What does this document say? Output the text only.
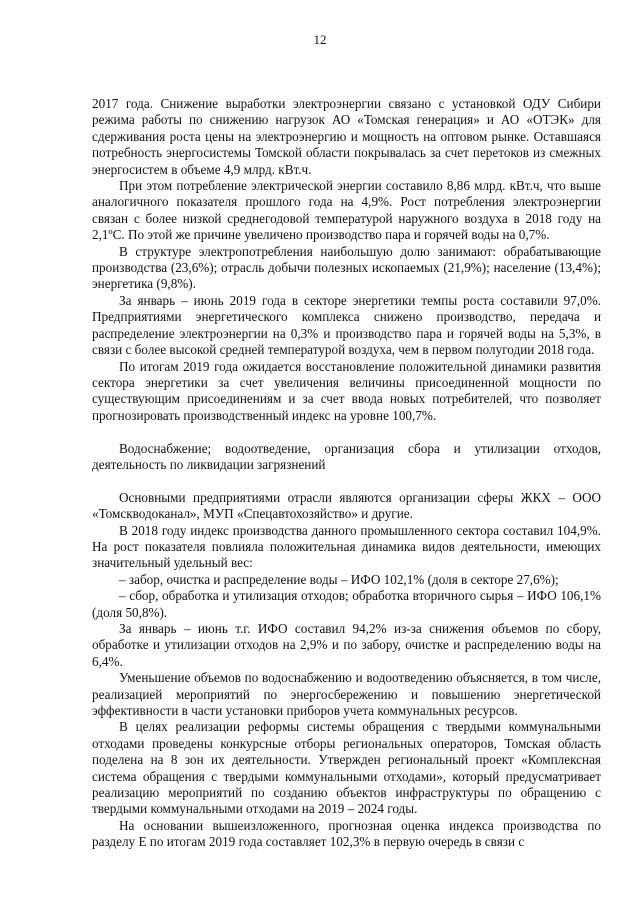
12

2017 года. Снижение выработки электроэнергии связано с установкой ОДУ Сибири режима работы по снижению нагрузок АО «Томская генерация» и АО «ОТЭК» для сдерживания роста цены на электроэнергию и мощность на оптовом рынке. Оставшаяся потребность энергосистемы Томской области покрывалась за счет перетоков из смежных энергосистем в объеме 4,9 млрд. кВт.ч.

При этом потребление электрической энергии составило 8,86 млрд. кВт.ч, что выше аналогичного показателя прошлого года на 4,9%. Рост потребления электроэнергии связан с более низкой среднегодовой температурой наружного воздуха в 2018 году на 2,1ºС. По этой же причине увеличено производство пара и горячей воды на 0,7%.

В структуре электропотребления наибольшую долю занимают: обрабатывающие производства (23,6%); отрасль добычи полезных ископаемых (21,9%); население (13,4%); энергетика (9,8%).

За январь – июнь 2019 года в секторе энергетики темпы роста составили 97,0%. Предприятиями энергетического комплекса снижено производство, передача и распределение электроэнергии на 0,3% и производство пара и горячей воды на 5,3%, в связи с более высокой средней температурой воздуха, чем в первом полугодии 2018 года.

По итогам 2019 года ожидается восстановление положительной динамики развития сектора энергетики за счет увеличения величины присоединенной мощности по существующим присоединениям и за счет ввода новых потребителей, что позволяет прогнозировать производственный индекс на уровне 100,7%.

Водоснабжение; водоотведение, организация сбора и утилизации отходов, деятельность по ликвидации загрязнений

Основными предприятиями отрасли являются организации сферы ЖКХ – ООО «Томскводоканал», МУП «Спецавтохозяйство» и другие.

В 2018 году индекс производства данного промышленного сектора составил 104,9%. На рост показателя повлияла положительная динамика видов деятельности, имеющих значительный удельный вес:

– забор, очистка и распределение воды – ИФО 102,1% (доля в секторе 27,6%);

– сбор, обработка и утилизация отходов; обработка вторичного сырья – ИФО 106,1% (доля 50,8%).

За январь – июнь т.г. ИФО составил 94,2% из-за снижения объемов по сбору, обработке и утилизации отходов на 2,9% и по забору, очистке и распределению воды на 6,4%.

Уменьшение объемов по водоснабжению и водоотведению объясняется, в том числе, реализацией мероприятий по энергосбережению и повышению энергетической эффективности в части установки приборов учета коммунальных ресурсов.

В целях реализации реформы системы обращения с твердыми коммунальными отходами проведены конкурсные отборы региональных операторов, Томская область поделена на 8 зон их деятельности. Утвержден региональный проект «Комплексная система обращения с твердыми коммунальными отходами», который предусматривает реализацию мероприятий по созданию объектов инфраструктуры по обращению с твердыми коммунальными отходами на 2019 – 2024 годы.

На основании вышеизложенного, прогнозная оценка индекса производства по разделу Е по итогам 2019 года составляет 102,3% в первую очередь в связи с
